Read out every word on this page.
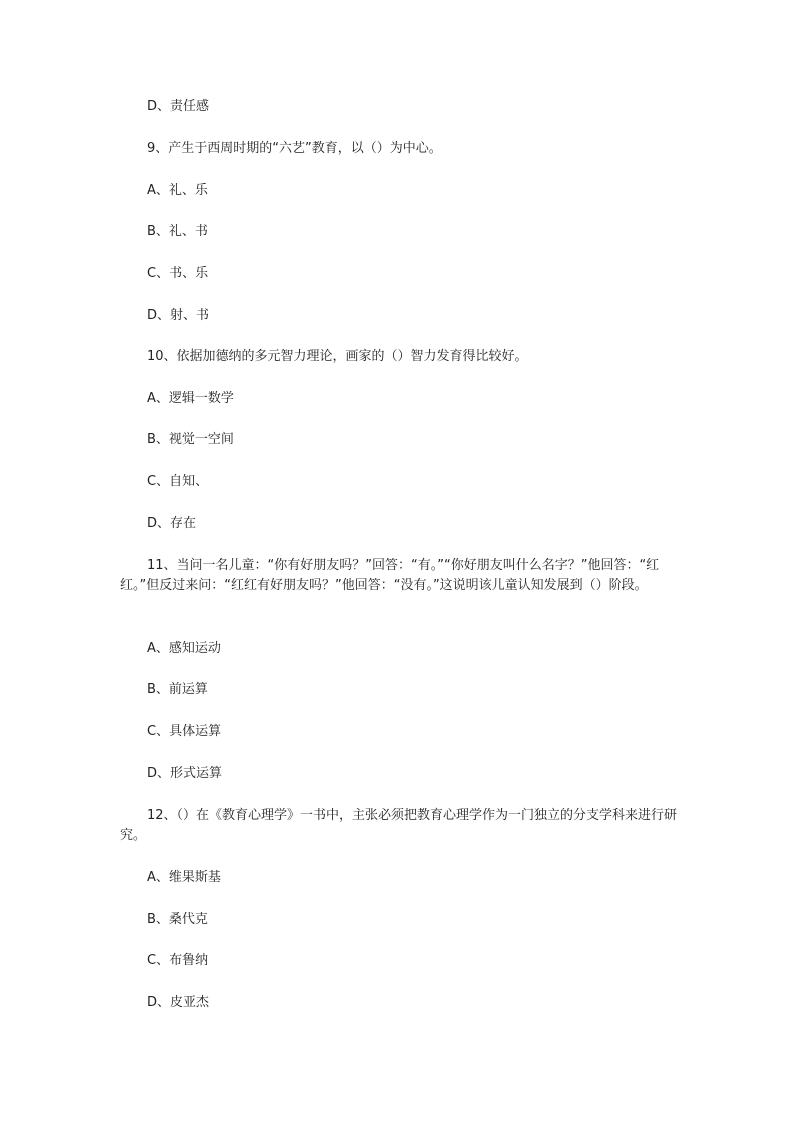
D、责任感
9、产生于西周时期的“六艺”教育，以（）为中心。
A、礼、乐
B、礼、书
C、书、乐
D、射、书
10、依据加德纳的多元智力理论，画家的（）智力发育得比较好。
A、逻辑一数学
B、视觉一空间
C、自知、
D、存在
11、当问一名儿童：“你有好朋友吗？”回答：“有。”“你好朋友叫什么名字？”他回答：“红红。”但反过来问：“红红有好朋友吗？”他回答：“没有。”这说明该儿童认知发展到（）阶段。
A、感知运动
B、前运算
C、具体运算
D、形式运算
12、（）在《教育心理学》一书中，主张必须把教育心理学作为一门独立的分支学科来进行研究。
A、维果斯基
B、桑代克
C、布鲁纳
D、皮亚杰
